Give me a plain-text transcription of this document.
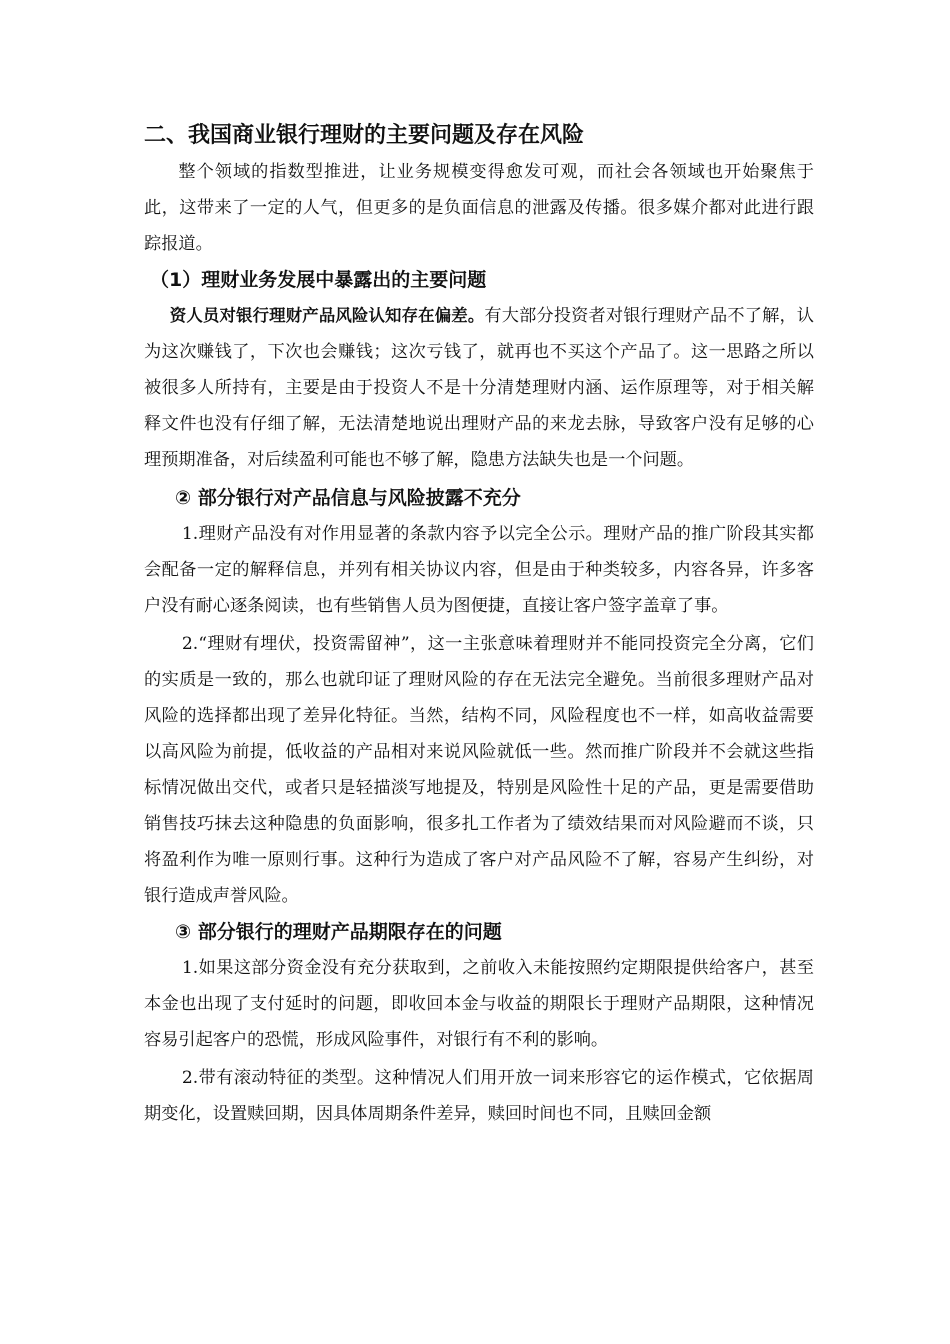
二、我国商业银行理财的主要问题及存在风险

整个领域的指数型推进，让业务规模变得愈发可观，而社会各领域也开始聚焦于此，这带来了一定的人气，但更多的是负面信息的泄露及传播。很多媒介都对此进行跟踪报道。

（1）理财业务发展中暴露出的主要问题

资人员对银行理财产品风险认知存在偏差。有大部分投资者对银行理财产品不了解，认为这次赚钱了，下次也会赚钱；这次亏钱了，就再也不买这个产品了。这一思路之所以被很多人所持有，主要是由于投资人不是十分清楚理财内涵、运作原理等，对于相关解释文件也没有仔细了解，无法清楚地说出理财产品的来龙去脉，导致客户没有足够的心理预期准备，对后续盈利可能也不够了解，隐患方法缺失也是一个问题。

② 部分银行对产品信息与风险披露不充分

1.理财产品没有对作用显著的条款内容予以完全公示。理财产品的推广阶段其实都会配备一定的解释信息，并列有相关协议内容，但是由于种类较多，内容各异，许多客户没有耐心逐条阅读，也有些销售人员为图便捷，直接让客户签字盖章了事。

2.“理财有埋伏，投资需留神”，这一主张意味着理财并不能同投资完全分离，它们的实质是一致的，那么也就印证了理财风险的存在无法完全避免。当前很多理财产品对风险的选择都出现了差异化特征。当然，结构不同，风险程度也不一样，如高收益需要以高风险为前提，低收益的产品相对来说风险就低一些。然而推广阶段并不会就这些指标情况做出交代，或者只是轻描淡写地提及，特别是风险性十足的产品，更是需要借助销售技巧抹去这种隐患的负面影响，很多扎工作者为了绩效结果而对风险避而不谈，只将盈利作为唯一原则行事。这种行为造成了客户对产品风险不了解，容易产生纠纷，对银行造成声誉风险。

③ 部分银行的理财产品期限存在的问题

1.如果这部分资金没有充分获取到，之前收入未能按照约定期限提供给客户，甚至本金也出现了支付延时的问题，即收回本金与收益的期限长于理财产品期限，这种情况容易引起客户的恐慌，形成风险事件，对银行有不利的影响。

2.带有滚动特征的类型。这种情况人们用开放一词来形容它的运作模式，它依据周期变化，设置赎回期，因具体周期条件差异，赎回时间也不同，且赎回金额
